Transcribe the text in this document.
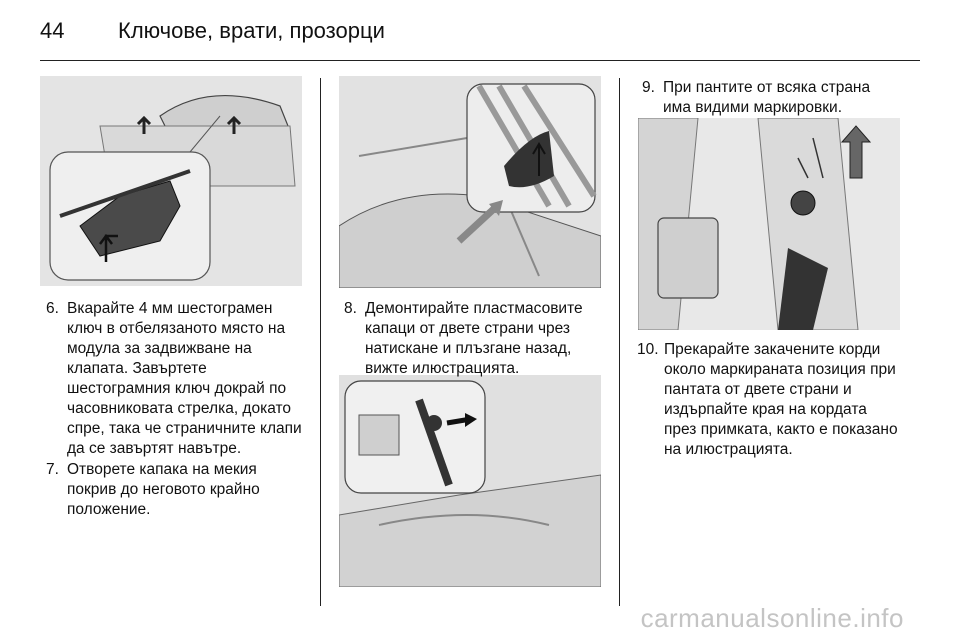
44 Ключове, врати, прозорци
6. Вкарайте 4 мм шестограмен
ключ в отбелязаното място на
модула за задвижване на
клапата. Завъртете
шестограмния ключ докрай по
часовниковата стрелка, докато
спре, така че страничните клапи
да се завъртят навътре.
7. Отворете капака на мекия
покрив до неговото крайно
положение.
8. Демонтирайте пластмасовите
капаци от двете страни чрез
натискане и плъзгане назад,
вижте илюстрацията.
9. При пантите от всяка страна
има видими маркировки.
10. Прекарайте закачените корди
около маркираната позиция при
пантата от двете страни и
издърпайте края на кордата
през примката, както е показано
на илюстрацията.
carmanualsonline.info
